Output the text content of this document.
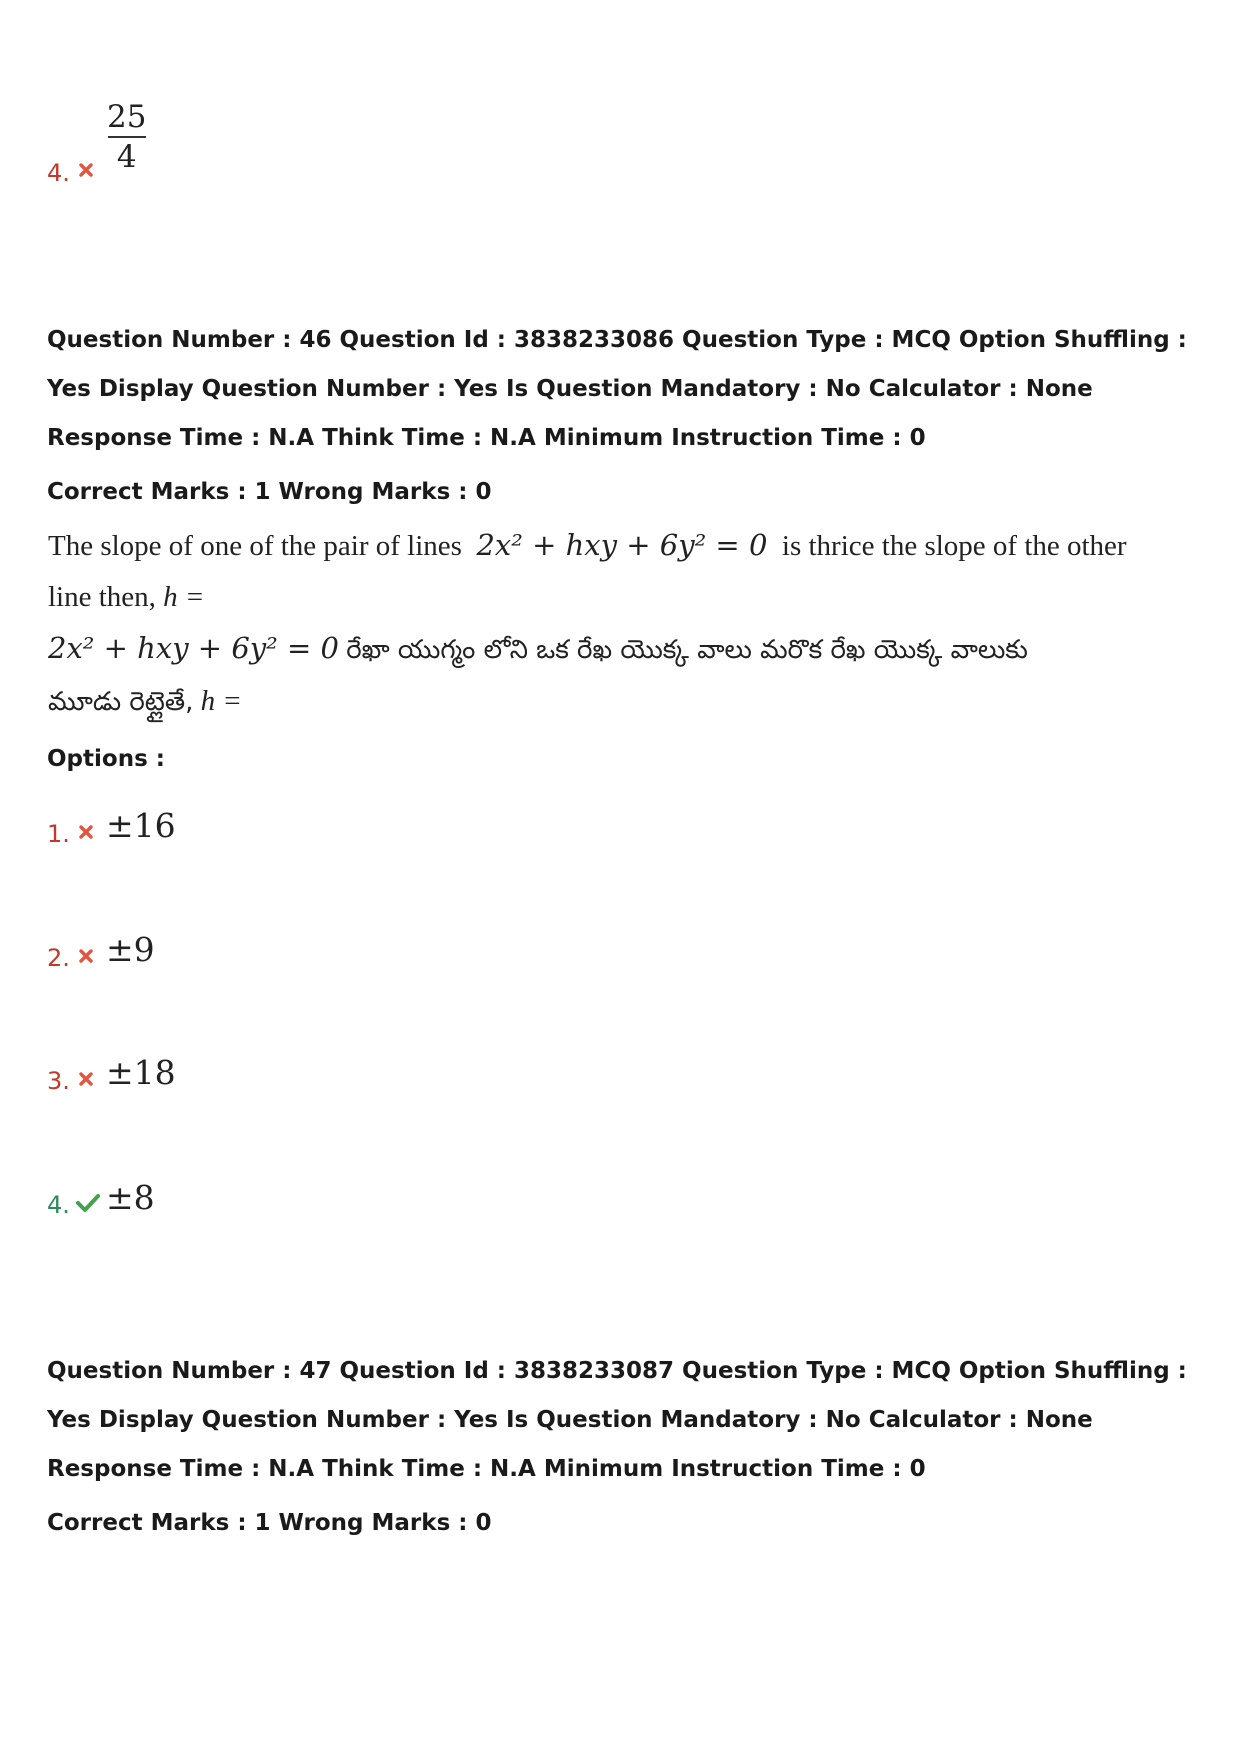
4.
25
4
Question Number : 46 Question Id : 3838233086 Question Type : MCQ Option Shuffling : Yes Display Question Number : Yes Is Question Mandatory : No Calculator : None Response Time : N.A Think Time : N.A Minimum Instruction Time : 0
Correct Marks : 1 Wrong Marks : 0
The slope of one of the pair of lines 2x² + hxy + 6y² = 0 is thrice the slope of the other
line then, h =
2x² + hxy + 6y² = 0 రేఖా యుగ్మం లోని ఒక రేఖ యొక్క వాలు మరొక రేఖ యొక్క వాలుకు
మూడు రెట్లైతే, h =
Options :
1. ±16
2. ±9
3. ±18
4. ±8
Question Number : 47 Question Id : 3838233087 Question Type : MCQ Option Shuffling : Yes Display Question Number : Yes Is Question Mandatory : No Calculator : None Response Time : N.A Think Time : N.A Minimum Instruction Time : 0
Correct Marks : 1 Wrong Marks : 0
